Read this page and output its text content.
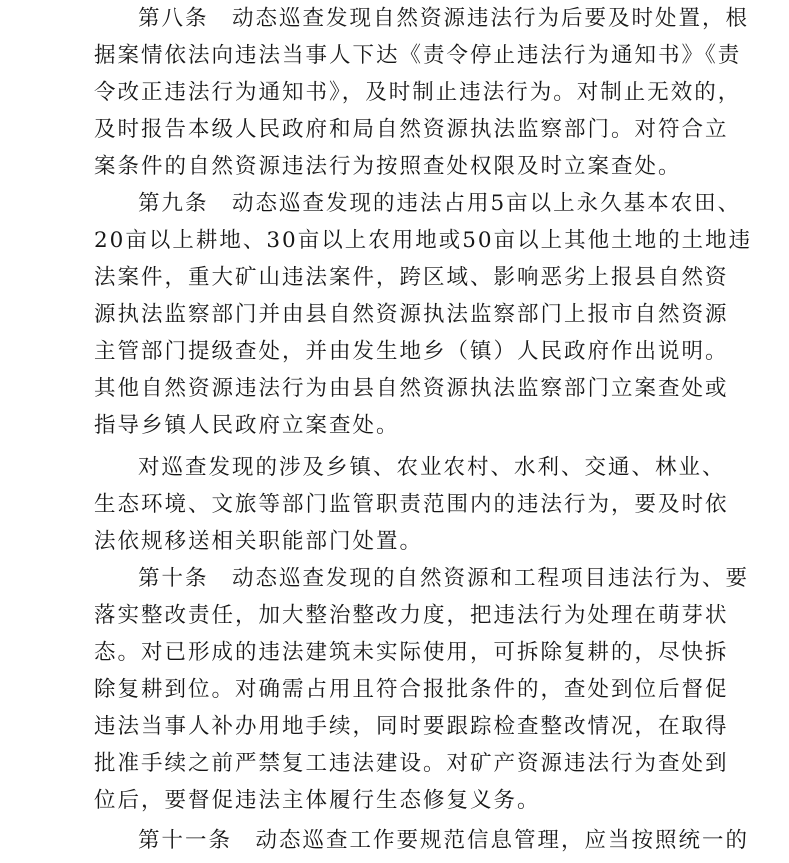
第八条　动态巡查发现自然资源违法行为后要及时处置，根
据案情依法向违法当事人下达《责令停止违法行为通知书》《责
令改正违法行为通知书》，及时制止违法行为。对制止无效的，
及时报告本级人民政府和局自然资源执法监察部门。对符合立
案条件的自然资源违法行为按照查处权限及时立案查处。
第九条　动态巡查发现的违法占用5亩以上永久基本农田、
20亩以上耕地、30亩以上农用地或50亩以上其他土地的土地违
法案件，重大矿山违法案件，跨区域、影响恶劣上报县自然资
源执法监察部门并由县自然资源执法监察部门上报市自然资源
主管部门提级查处，并由发生地乡（镇）人民政府作出说明。
其他自然资源违法行为由县自然资源执法监察部门立案查处或
指导乡镇人民政府立案查处。
对巡查发现的涉及乡镇、农业农村、水利、交通、林业、
生态环境、文旅等部门监管职责范围内的违法行为，要及时依
法依规移送相关职能部门处置。
第十条　动态巡查发现的自然资源和工程项目违法行为、要
落实整改责任，加大整治整改力度，把违法行为处理在萌芽状
态。对已形成的违法建筑未实际使用，可拆除复耕的，尽快拆
除复耕到位。对确需占用且符合报批条件的，查处到位后督促
违法当事人补办用地手续，同时要跟踪检查整改情况，在取得
批准手续之前严禁复工违法建设。对矿产资源违法行为查处到
位后，要督促违法主体履行生态修复义务。
第十一条　动态巡查工作要规范信息管理，应当按照统一的
